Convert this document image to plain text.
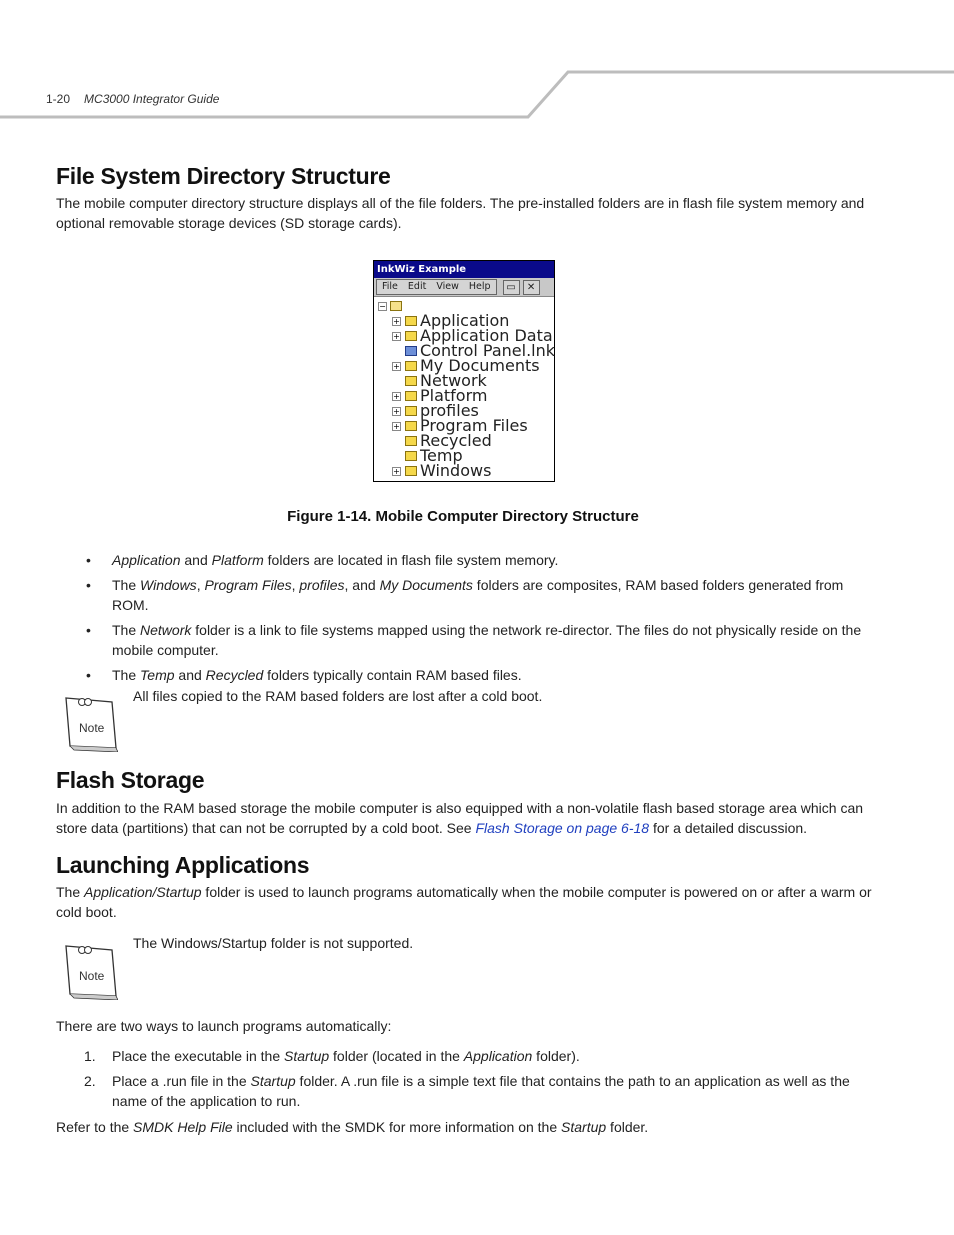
1-20 MC3000 Integrator Guide
File System Directory Structure

The mobile computer directory structure displays all of the file folders. The pre-installed folders are in flash file system memory and optional removable storage devices (SD storage cards).

InkWiz Example
File	Edit	View	Help	▭	✕
−
+ Application
+ Application Data
Control Panel.lnk
+ My Documents
Network
+ Platform
+ profiles
+ Program Files
Recycled
Temp
+ Windows
Figure 1-14. Mobile Computer Directory Structure
• Application and Platform folders are located in flash file system memory.
• The Windows, Program Files, profiles, and My Documents folders are composites, RAM based folders generated from ROM.
• The Network folder is a link to file systems mapped using the network re-director. The files do not physically reside on the mobile computer.
• The Temp and Recycled folders typically contain RAM based files.
Note
All files copied to the RAM based folders are lost after a cold boot.
Flash Storage

In addition to the RAM based storage the mobile computer is also equipped with a non-volatile flash based storage area which can store data (partitions) that can not be corrupted by a cold boot. See Flash Storage on page 6-18 for a detailed discussion.

Launching Applications

The Application/Startup folder is used to launch programs automatically when the mobile computer is powered on or after a warm or cold boot.

Note
The Windows/Startup folder is not supported.

There are two ways to launch programs automatically:

1. Place the executable in the Startup folder (located in the Application folder).
2. Place a .run file in the Startup folder. A .run file is a simple text file that contains the path to an application as well as the name of the application to run.

Refer to the SMDK Help File included with the SMDK for more information on the Startup folder.
